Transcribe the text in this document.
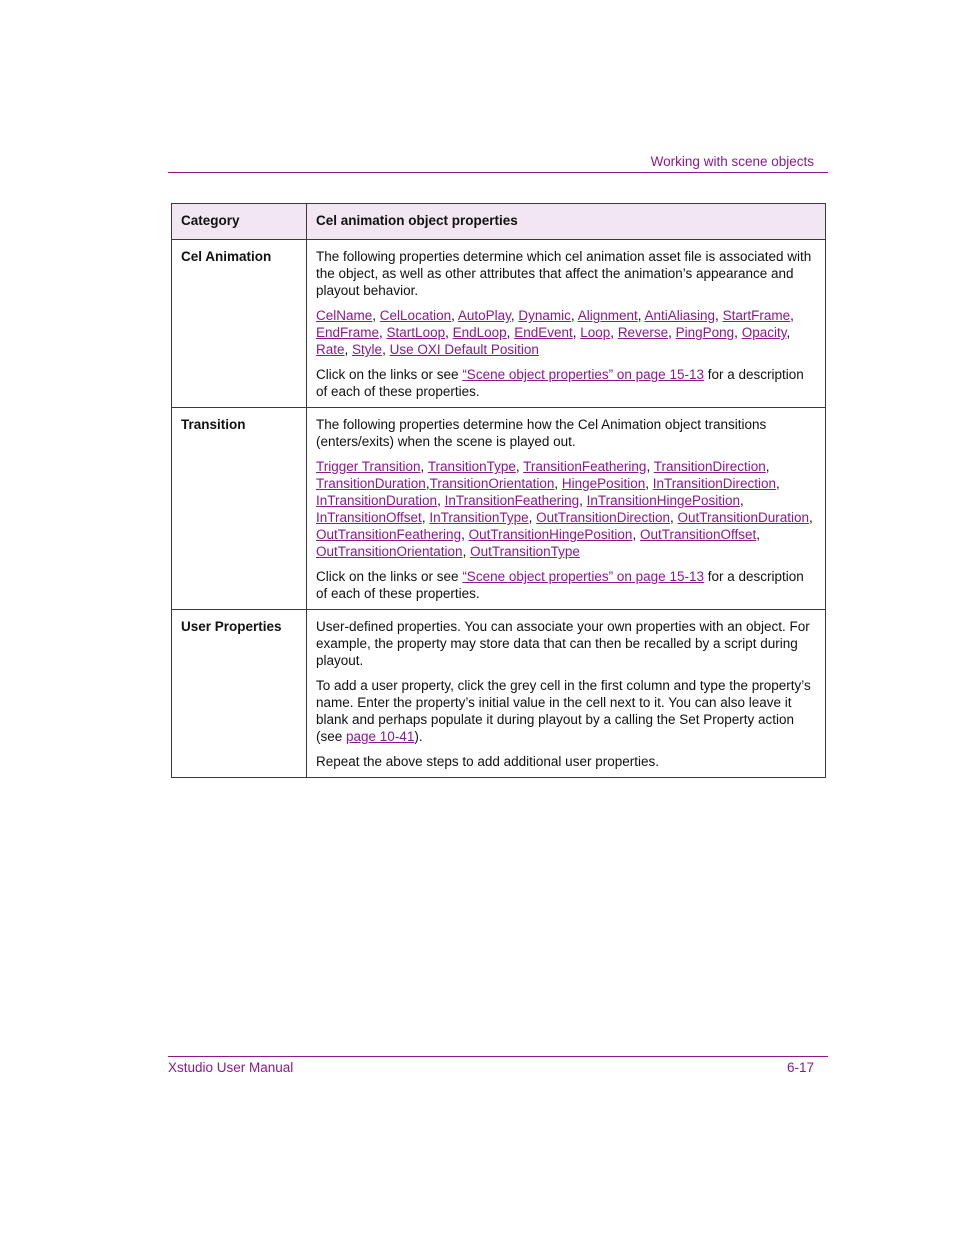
Working with scene objects
Category	Cel animation object properties
Cel Animation	The following properties determine which cel animation asset file is associated with the object, as well as other attributes that affect the animation’s appearance and playout behavior.

CelName, CelLocation, AutoPlay, Dynamic, Alignment, AntiAliasing, StartFrame, EndFrame, StartLoop, EndLoop, EndEvent, Loop, Reverse, PingPong, Opacity, Rate, Style, Use OXI Default Position

Click on the links or see “Scene object properties” on page 15-13 for a description of each of these properties.

Transition	The following properties determine how the Cel Animation object transitions (enters/exits) when the scene is played out.

Trigger Transition, TransitionType, TransitionFeathering, TransitionDirection, TransitionDuration,TransitionOrientation, HingePosition, InTransitionDirection, InTransitionDuration, InTransitionFeathering, InTransitionHingePosition, InTransitionOffset, InTransitionType, OutTransitionDirection, OutTransitionDuration, OutTransitionFeathering, OutTransitionHingePosition, OutTransitionOffset, OutTransitionOrientation, OutTransitionType

Click on the links or see “Scene object properties” on page 15-13 for a description of each of these properties.

User Properties	User-defined properties. You can associate your own properties with an object. For example, the property may store data that can then be recalled by a script during playout.

To add a user property, click the grey cell in the first column and type the property’s name. Enter the property’s initial value in the cell next to it. You can also leave it blank and perhaps populate it during playout by a calling the Set Property action (see page 10-41).

Repeat the above steps to add additional user properties.

Xstudio User Manual	6-17
